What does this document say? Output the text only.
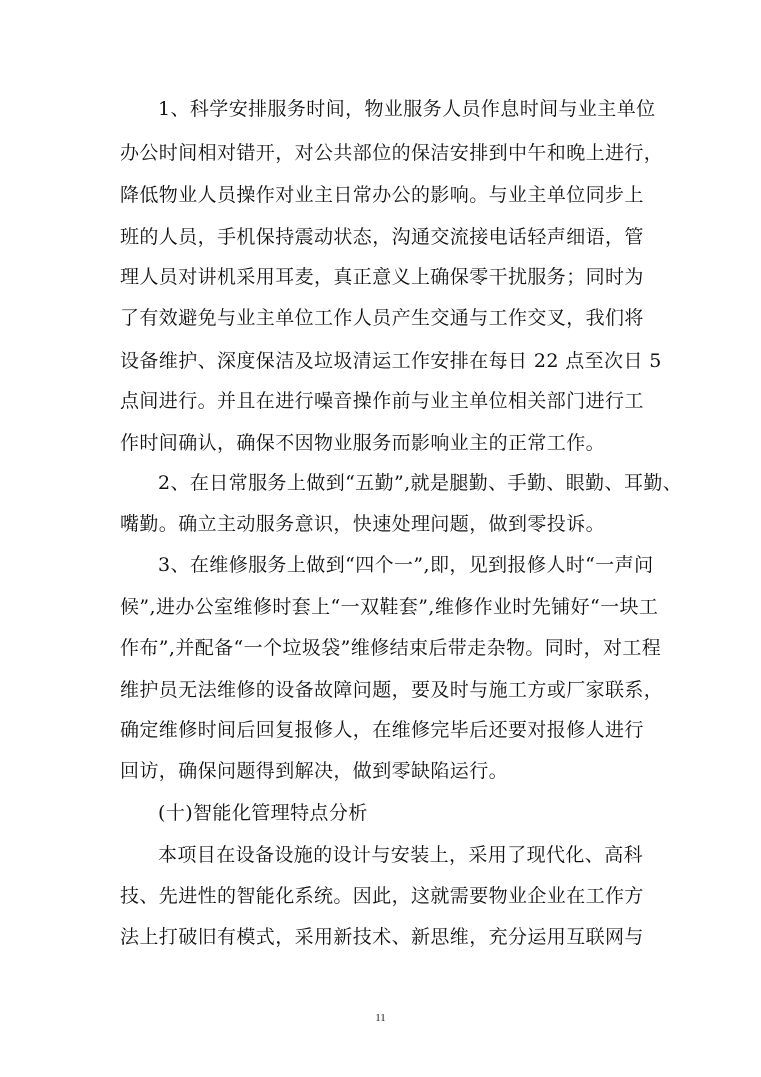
1、科学安排服务时间，物业服务人员作息时间与业主单位
办公时间相对错开，对公共部位的保洁安排到中午和晚上进行，
降低物业人员操作对业主日常办公的影响。与业主单位同步上
班的人员，手机保持震动状态，沟通交流接电话轻声细语，管
理人员对讲机采用耳麦，真正意义上确保零干扰服务；同时为
了有效避免与业主单位工作人员产生交通与工作交叉，我们将
设备维护、深度保洁及垃圾清运工作安排在每日 22 点至次日 5
点间进行。并且在进行噪音操作前与业主单位相关部门进行工
作时间确认，确保不因物业服务而影响业主的正常工作。
2、在日常服务上做到“五勤”,就是腿勤、手勤、眼勤、耳勤、
嘴勤。确立主动服务意识，快速处理问题，做到零投诉。
3、在维修服务上做到“四个一”,即，见到报修人时“一声问
候”,进办公室维修时套上“一双鞋套”,维修作业时先铺好“一块工
作布”,并配备“一个垃圾袋”维修结束后带走杂物。同时，对工程
维护员无法维修的设备故障问题，要及时与施工方或厂家联系，
确定维修时间后回复报修人，在维修完毕后还要对报修人进行
回访，确保问题得到解决，做到零缺陷运行。
(十)智能化管理特点分析
本项目在设备设施的设计与安装上，采用了现代化、高科
技、先进性的智能化系统。因此，这就需要物业企业在工作方
法上打破旧有模式，采用新技术、新思维，充分运用互联网与
11
